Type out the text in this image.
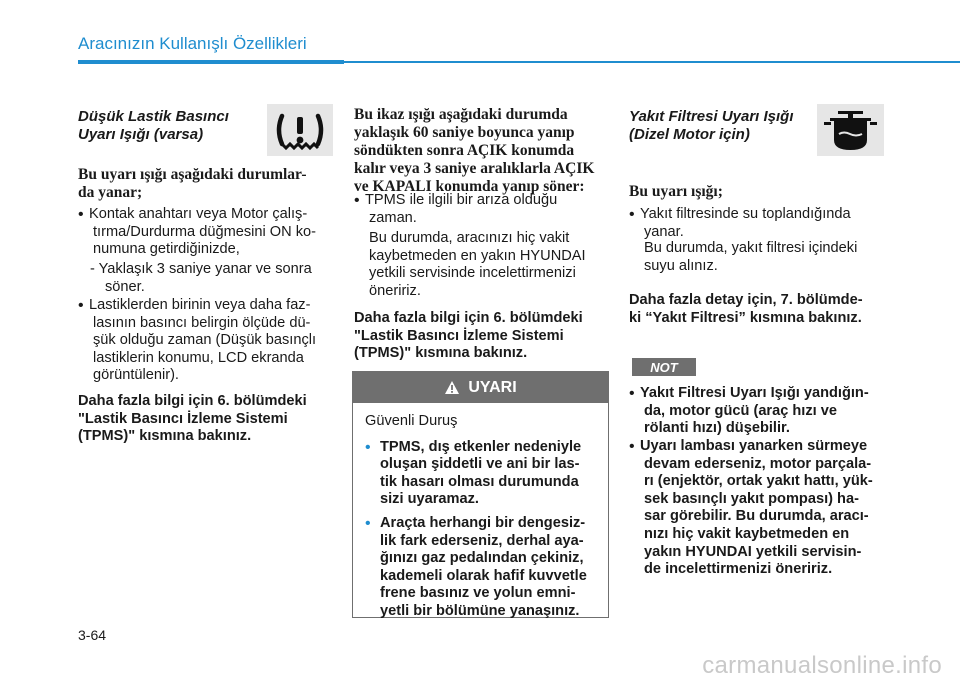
Aracınızın Kullanışlı Özellikleri

Düşük Lastik Basıncı

Uyarı Işığı (varsa)

Bu uyarı ışığı aşağıdaki durumlar-

da yanar;

• Kontak anahtarı veya Motor çalış-

tırma/Durdurma düğmesini ON ko-

numuna getirdiğinizde,

- Yaklaşık 3 saniye yanar ve sonra

söner.

• Lastiklerden birinin veya daha faz-

lasının basıncı belirgin ölçüde dü-

şük olduğu zaman (Düşük basınçlı

lastiklerin konumu, LCD ekranda

görüntülenir).

Daha fazla bilgi için 6. bölümdeki

"Lastik Basıncı İzleme Sistemi

(TPMS)" kısmına bakınız.

Bu ikaz ışığı aşağıdaki durumda

yaklaşık 60 saniye boyunca yanıp

söndükten sonra AÇIK konumda

kalır veya 3 saniye aralıklarla AÇIK

ve KAPALI konumda yanıp söner:

• TPMS ile ilgili bir arıza olduğu

zaman.

Bu durumda, aracınızı hiç vakit

kaybetmeden en yakın HYUNDAI

yetkili servisinde incelettirmenizi

öneririz.

Daha fazla bilgi için 6. bölümdeki

"Lastik Basıncı İzleme Sistemi

(TPMS)" kısmına bakınız.

UYARI

Güvenli Duruş

• TPMS, dış etkenler nedeniyle

oluşan şiddetli ve ani bir las-

tik hasarı olması durumunda

sizi uyaramaz.

• Araçta herhangi bir dengesiz-

lik fark ederseniz, derhal aya-

ğınızı gaz pedalından çekiniz,

kademeli olarak hafif kuvvetle

frene basınız ve yolun emni-

yetli bir bölümüne yanaşınız.

Yakıt Filtresi Uyarı Işığı

(Dizel Motor için)

Bu uyarı ışığı;

• Yakıt filtresinde su toplandığında

yanar.

Bu durumda, yakıt filtresi içindeki

suyu alınız.

Daha fazla detay için, 7. bölümde-

ki “Yakıt Filtresi” kısmına bakınız.

NOT
• Yakıt Filtresi Uyarı Işığı yandığın-

da, motor gücü (araç hızı ve

rölanti hızı) düşebilir.

• Uyarı lambası yanarken sürmeye

devam ederseniz, motor parçala-

rı (enjektör, ortak yakıt hattı, yük-

sek basınçlı yakıt pompası) ha-

sar görebilir. Bu durumda, aracı-

nızı hiç vakit kaybetmeden en

yakın HYUNDAI yetkili servisin-

de incelettirmenizi öneririz.

3-64
carmanualsonline.info
